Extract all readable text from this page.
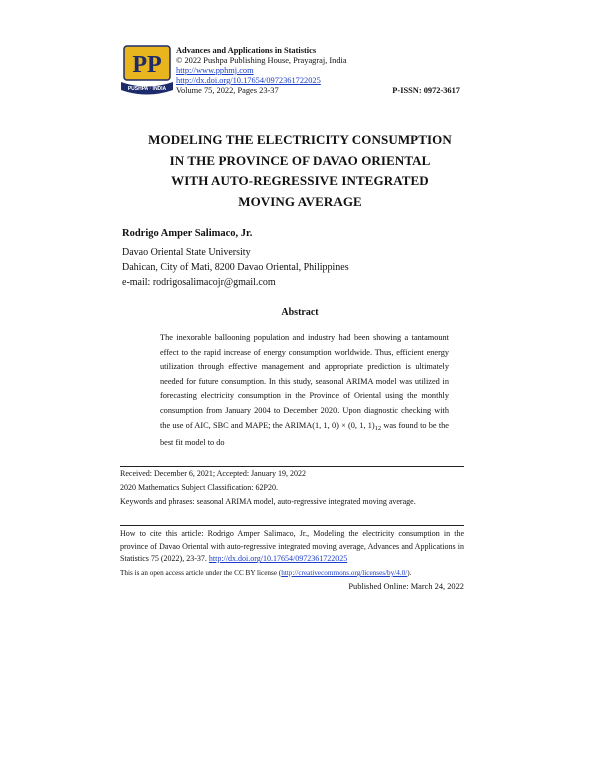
PP
PUSHPA · INDIA
Advances and Applications in Statistics
© 2022 Pushpa Publishing House, Prayagraj, India
http://www.pphmj.com
http://dx.doi.org/10.17654/0972361722025
Volume 75, 2022, Pages 23-37	P-ISSN: 0972-3617
MODELING THE ELECTRICITY CONSUMPTION
IN THE PROVINCE OF DAVAO ORIENTAL
WITH AUTO-REGRESSIVE INTEGRATED
MOVING AVERAGE
Rodrigo Amper Salimaco, Jr.
Davao Oriental State University
Dahican, City of Mati, 8200 Davao Oriental, Philippines
e-mail: rodrigosalimacojr@gmail.com
Abstract
The inexorable ballooning population and industry had been showing a tantamount effect to the rapid increase of energy consumption worldwide. Thus, efficient energy utilization through effective management and appropriate prediction is ultimately needed for future consumption. In this study, seasonal ARIMA model was utilized in forecasting electricity consumption in the Province of Oriental using the monthly consumption from January 2004 to December 2020. Upon diagnostic checking with the use of AIC, SBC and MAPE; the ARIMA(1, 1, 0) × (0, 1, $1)_{12}$ was found to be the best fit model to do
Received: December 6, 2021; Accepted: January 19, 2022
2020 Mathematics Subject Classification: 62P20.
Keywords and phrases: seasonal ARIMA model, auto-regressive integrated moving average.
How to cite this article: Rodrigo Amper Salimaco, Jr., Modeling the electricity consumption in the province of Davao Oriental with auto-regressive integrated moving average, Advances and Applications in Statistics 75 (2022), 23-37. http://dx.doi.org/10.17654/0972361722025
This is an open access article under the CC BY license (http://creativecommons.org/licenses/by/4.0/).
Published Online: March 24, 2022
